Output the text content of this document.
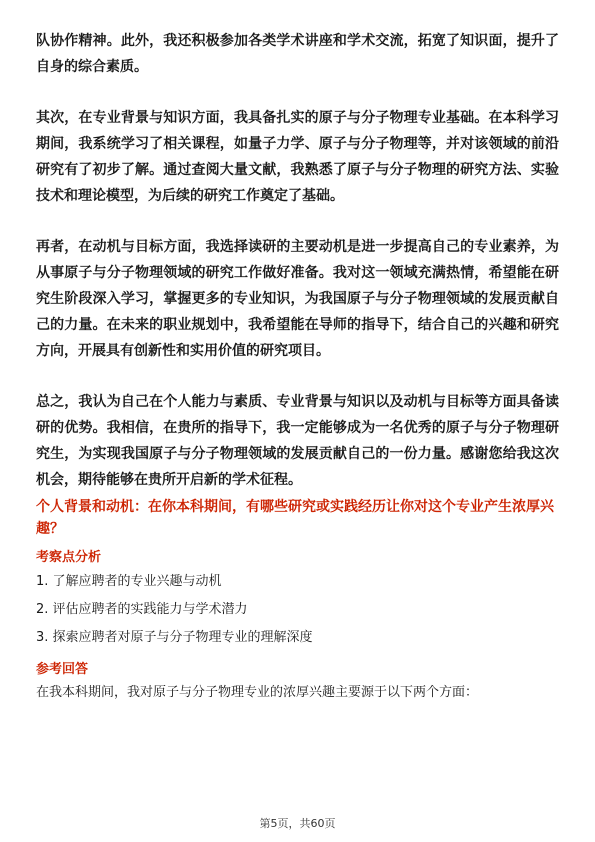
队协作精神。此外，我还积极参加各类学术讲座和学术交流，拓宽了知识面，提升了自身的综合素质。

其次，在专业背景与知识方面，我具备扎实的原子与分子物理专业基础。在本科学习期间，我系统学习了相关课程，如量子力学、原子与分子物理等，并对该领域的前沿研究有了初步了解。通过查阅大量文献，我熟悉了原子与分子物理的研究方法、实验技术和理论模型，为后续的研究工作奠定了基础。

再者，在动机与目标方面，我选择读研的主要动机是进一步提高自己的专业素养，为从事原子与分子物理领域的研究工作做好准备。我对这一领域充满热情，希望能在研究生阶段深入学习，掌握更多的专业知识，为我国原子与分子物理领域的发展贡献自己的力量。在未来的职业规划中，我希望能在导师的指导下，结合自己的兴趣和研究方向，开展具有创新性和实用价值的研究项目。

总之，我认为自己在个人能力与素质、专业背景与知识以及动机与目标等方面具备读研的优势。我相信，在贵所的指导下，我一定能够成为一名优秀的原子与分子物理研究生，为实现我国原子与分子物理领域的发展贡献自己的一份力量。感谢您给我这次机会，期待能够在贵所开启新的学术征程。

个人背景和动机：在你本科期间，有哪些研究或实践经历让你对这个专业产生浓厚兴趣？

考察点分析

1. 了解应聘者的专业兴趣与动机
2. 评估应聘者的实践能力与学术潜力
3. 探索应聘者对原子与分子物理专业的理解深度

参考回答

在我本科期间，我对原子与分子物理专业的浓厚兴趣主要源于以下两个方面：

第5页，共60页
